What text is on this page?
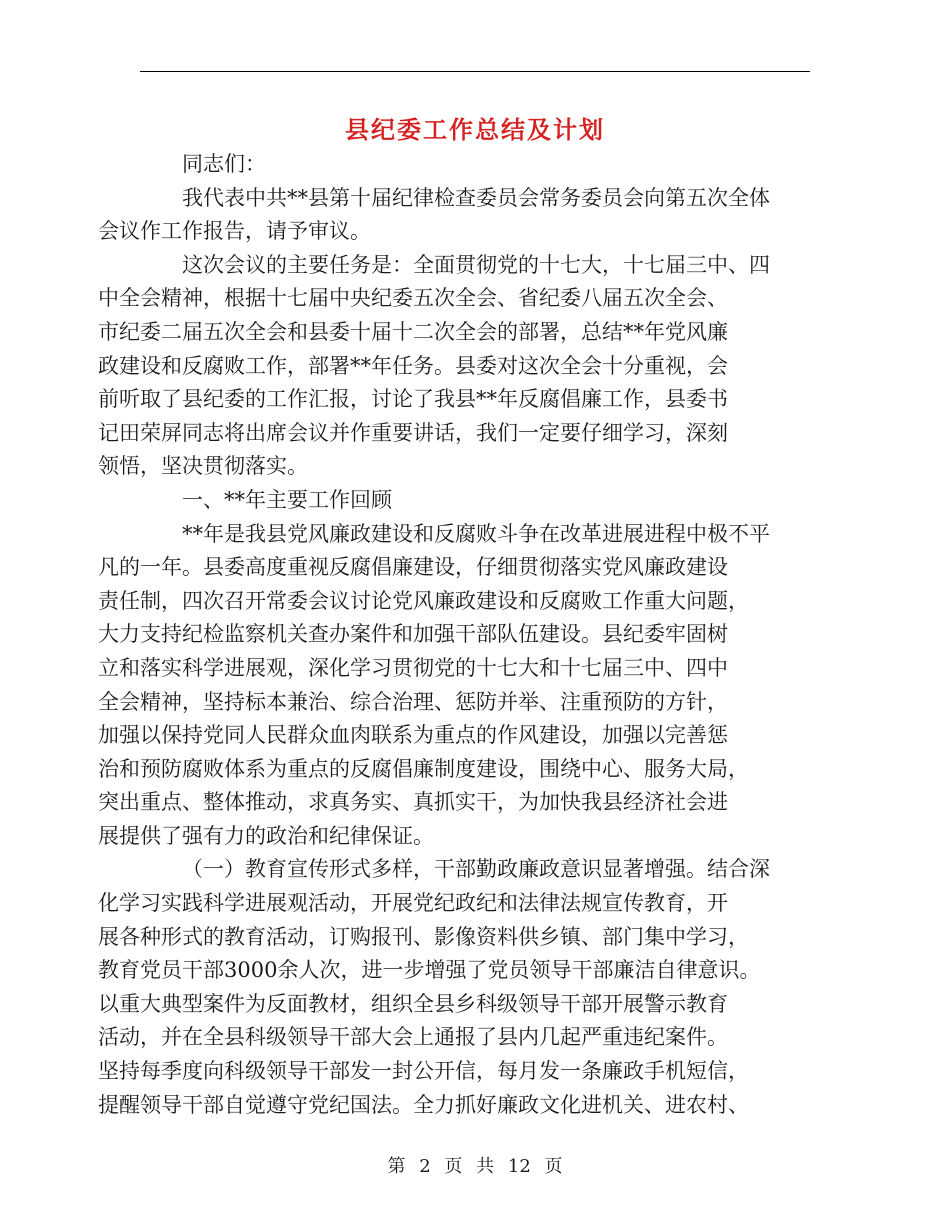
县纪委工作总结及计划

同志们：

我代表中共**县第十届纪律检查委员会常务委员会向第五次全体
会议作工作报告，请予审议。

这次会议的主要任务是：全面贯彻党的十七大，十七届三中、四
中全会精神，根据十七届中央纪委五次全会、省纪委八届五次全会、
市纪委二届五次全会和县委十届十二次全会的部署，总结**年党风廉
政建设和反腐败工作，部署**年任务。县委对这次全会十分重视，会
前听取了县纪委的工作汇报，讨论了我县**年反腐倡廉工作，县委书
记田荣屏同志将出席会议并作重要讲话，我们一定要仔细学习，深刻
领悟，坚决贯彻落实。

一、**年主要工作回顾

**年是我县党风廉政建设和反腐败斗争在改革进展进程中极不平
凡的一年。县委高度重视反腐倡廉建设，仔细贯彻落实党风廉政建设
责任制，四次召开常委会议讨论党风廉政建设和反腐败工作重大问题，
大力支持纪检监察机关查办案件和加强干部队伍建设。县纪委牢固树
立和落实科学进展观，深化学习贯彻党的十七大和十七届三中、四中
全会精神，坚持标本兼治、综合治理、惩防并举、注重预防的方针，
加强以保持党同人民群众血肉联系为重点的作风建设，加强以完善惩
治和预防腐败体系为重点的反腐倡廉制度建设，围绕中心、服务大局，
突出重点、整体推动，求真务实、真抓实干，为加快我县经济社会进
展提供了强有力的政治和纪律保证。

（一）教育宣传形式多样，干部勤政廉政意识显著增强。结合深
化学习实践科学进展观活动，开展党纪政纪和法律法规宣传教育，开
展各种形式的教育活动，订购报刊、影像资料供乡镇、部门集中学习，
教育党员干部3000余人次，进一步增强了党员领导干部廉洁自律意识。
以重大典型案件为反面教材，组织全县乡科级领导干部开展警示教育
活动，并在全县科级领导干部大会上通报了县内几起严重违纪案件。
坚持每季度向科级领导干部发一封公开信，每月发一条廉政手机短信，
提醒领导干部自觉遵守党纪国法。全力抓好廉政文化进机关、进农村、

第 2 页 共 12 页
